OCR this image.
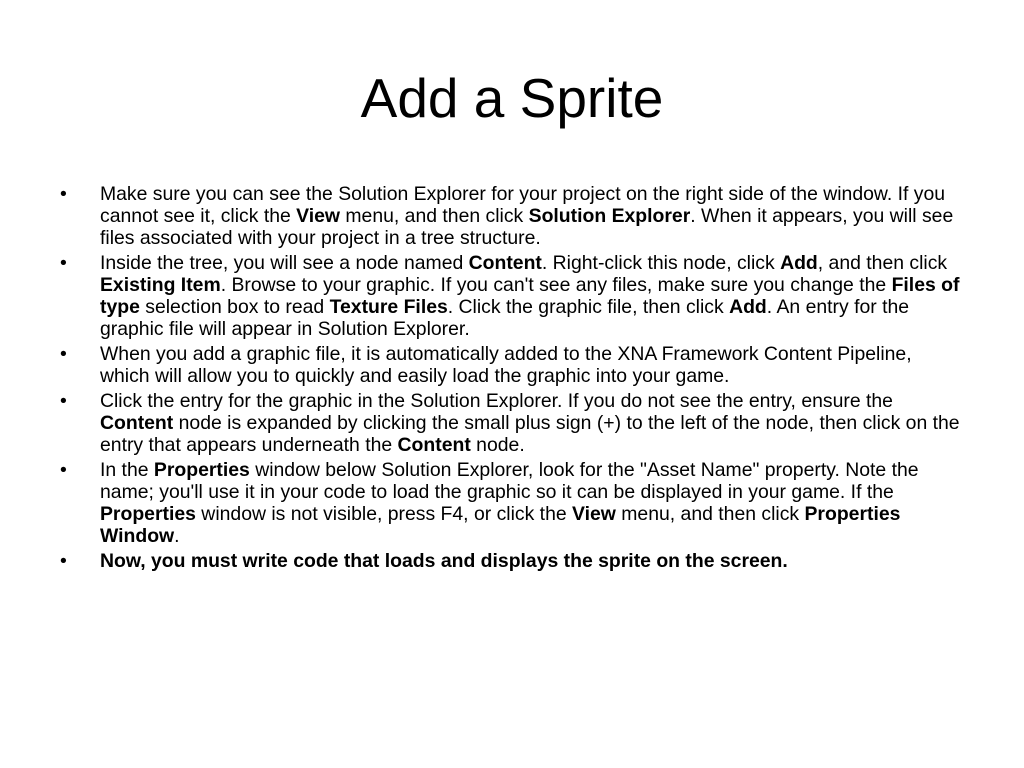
Add a Sprite
• Make sure you can see the Solution Explorer for your project on the right side of the window. If you cannot see it, click the View menu, and then click Solution Explorer. When it appears, you will see files associated with your project in a tree structure.
• Inside the tree, you will see a node named Content. Right-click this node, click Add, and then click Existing Item. Browse to your graphic. If you can't see any files, make sure you change the Files of type selection box to read Texture Files. Click the graphic file, then click Add. An entry for the graphic file will appear in Solution Explorer.
• When you add a graphic file, it is automatically added to the XNA Framework Content Pipeline, which will allow you to quickly and easily load the graphic into your game.
• Click the entry for the graphic in the Solution Explorer. If you do not see the entry, ensure the Content node is expanded by clicking the small plus sign (+) to the left of the node, then click on the entry that appears underneath the Content node.
• In the Properties window below Solution Explorer, look for the "Asset Name" property. Note the name; you'll use it in your code to load the graphic so it can be displayed in your game. If the Properties window is not visible, press F4, or click the View menu, and then click Properties Window.
• Now, you must write code that loads and displays the sprite on the screen.
